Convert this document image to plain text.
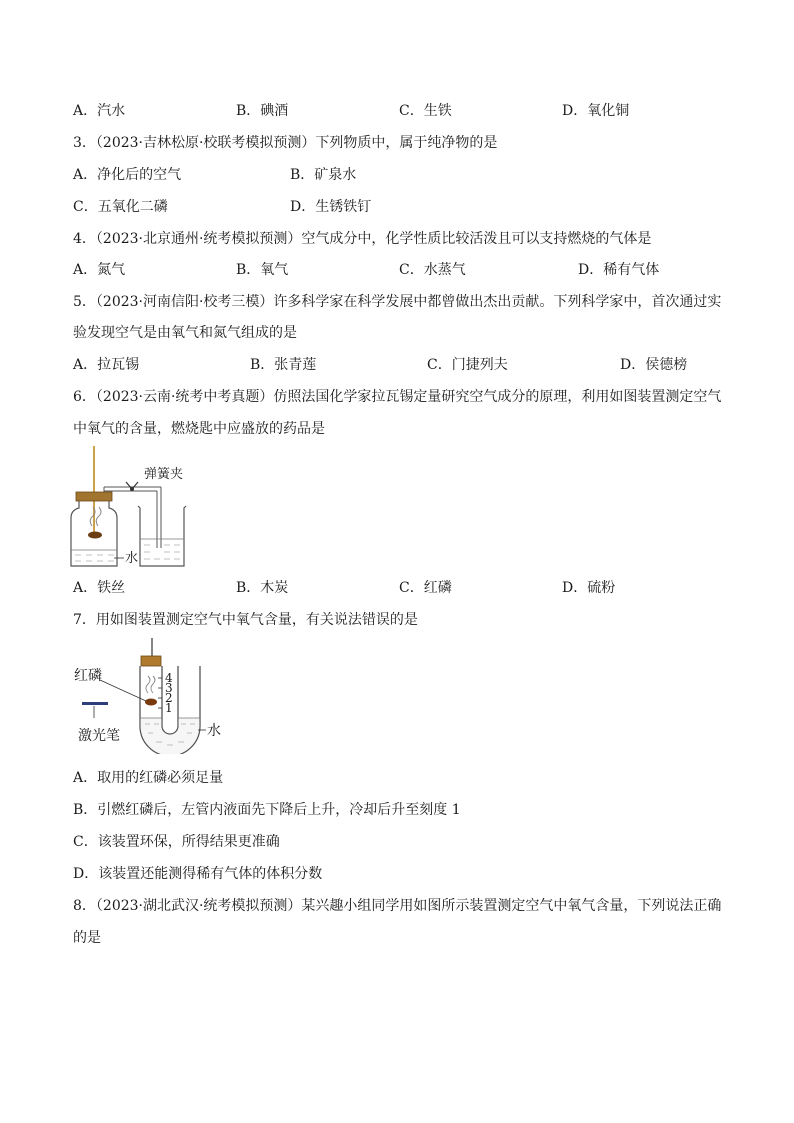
A．汽水	B．碘酒	C．生铁	D．氧化铜
3．（2023·吉林松原·校联考模拟预测）下列物质中，属于纯净物的是
A．净化后的空气	B．矿泉水
C．五氧化二磷	D．生锈铁钉
4．（2023·北京通州·统考模拟预测）空气成分中，化学性质比较活泼且可以支持燃烧的气体是
A．氮气	B．氧气	C．水蒸气	D．稀有气体
5．（2023·河南信阳·校考三模）许多科学家在科学发展中都曾做出杰出贡献。下列科学家中，首次通过实
验发现空气是由氧气和氮气组成的是
A．拉瓦锡	B．张青莲	C．门捷列夫	D．侯德榜
6．（2023·云南·统考中考真题）仿照法国化学家拉瓦锡定量研究空气成分的原理，利用如图装置测定空气
中氧气的含量，燃烧匙中应盛放的药品是
弹簧夹
水
A．铁丝	B．木炭	C．红磷	D．硫粉
7．用如图装置测定空气中氧气含量，有关说法错误的是
红磷
激光笔	水
4
3
2
1
A．取用的红磷必须足量
B．引燃红磷后，左管内液面先下降后上升，冷却后升至刻度 1
C．该装置环保，所得结果更准确
D．该装置还能测得稀有气体的体积分数
8．（2023·湖北武汉·统考模拟预测）某兴趣小组同学用如图所示装置测定空气中氧气含量，下列说法正确
的是
